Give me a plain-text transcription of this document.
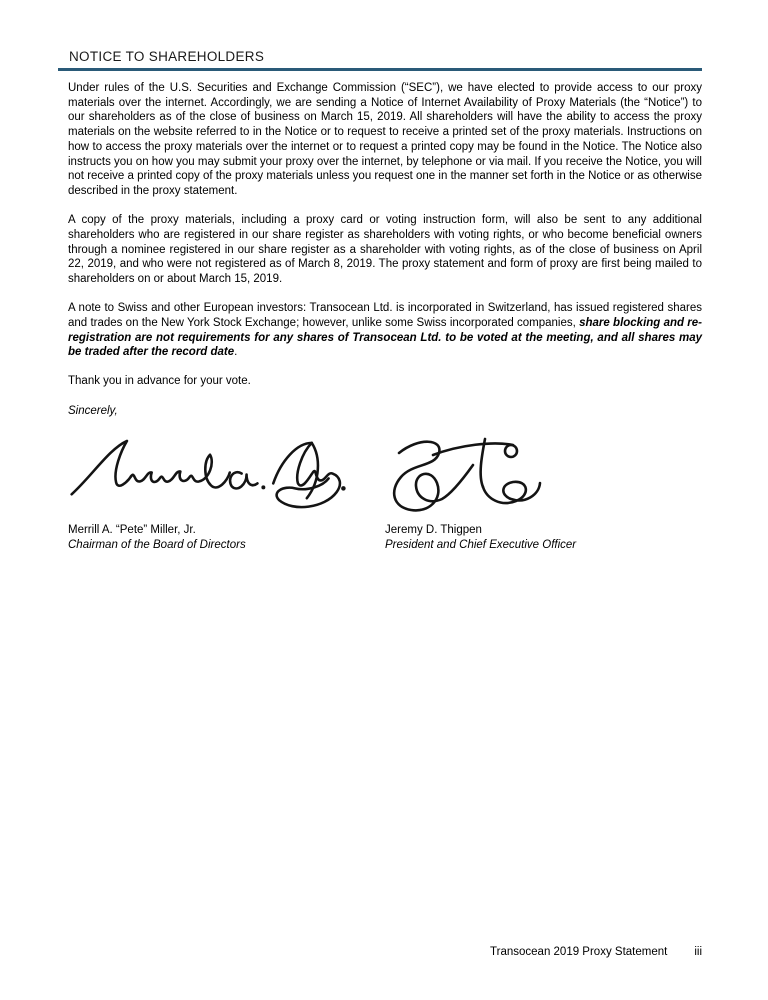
NOTICE TO SHAREHOLDERS

Under rules of the U.S. Securities and Exchange Commission (“SEC”), we have elected to provide access to our proxy materials over the internet. Accordingly, we are sending a Notice of Internet Availability of Proxy Materials (the “Notice”) to our shareholders as of the close of business on March 15, 2019. All shareholders will have the ability to access the proxy materials on the website referred to in the Notice or to request to receive a printed set of the proxy materials. Instructions on how to access the proxy materials over the internet or to request a printed copy may be found in the Notice. The Notice also instructs you on how you may submit your proxy over the internet, by telephone or via mail. If you receive the Notice, you will not receive a printed copy of the proxy materials unless you request one in the manner set forth in the Notice or as otherwise described in the proxy statement.

A copy of the proxy materials, including a proxy card or voting instruction form, will also be sent to any additional shareholders who are registered in our share register as shareholders with voting rights, or who become beneficial owners through a nominee registered in our share register as a shareholder with voting rights, as of the close of business on April 22, 2019, and who were not registered as of March 8, 2019. The proxy statement and form of proxy are first being mailed to shareholders on or about March 15, 2019.

A note to Swiss and other European investors: Transocean Ltd. is incorporated in Switzerland, has issued registered shares and trades on the New York Stock Exchange; however, unlike some Swiss incorporated companies, share blocking and re-registration are not requirements for any shares of Transocean Ltd. to be voted at the meeting, and all shares may be traded after the record date.

Thank you in advance for your vote.

Sincerely,

Merrill A. “Pete” Miller, Jr.
Chairman of the Board of Directors
Jeremy D. Thigpen
President and Chief Executive Officer
Transocean 2019 Proxy Statement iii
